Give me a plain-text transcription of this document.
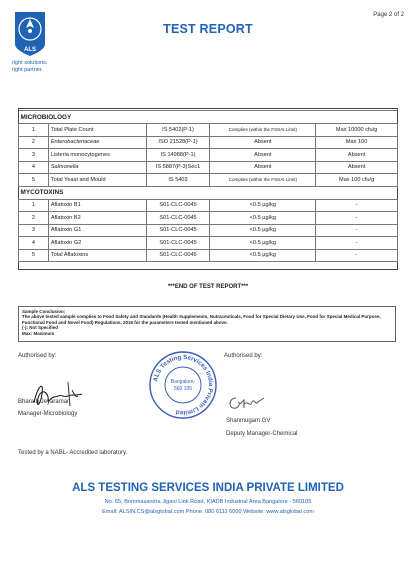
ALS
right solutions.
right partner.
TEST REPORT
Page 2 of 2
MICROBIOLOGY				
1	Total Plate Count	IS 5402(P-1)	Complies (within the FSSAI Limit)	Max 10000 cfu/g
2	Enterobacteriaceae	ISO 21528(P-1)	Absent	Max 100
3	Listeria monocytogenes	IS 14988(P-1)	Absent	Absent
4	Salmonella	IS 5887(P-3)Sec1	Absent	Absent
5	Total Yeast and Mould	IS 5403	Complies (within the FSSAI Limit)	Max 100 cfu/g
MYCOTOXINS				
1	Aflatoxin B1	S01-CLC-0045	<0.5 µg/kg	-
2	Aflatoxin B2	S01-CLC-0045	<0.5 µg/kg	-
3	Aflatoxin G1	S01-CLC-0045	<0.5 µg/kg	-
4	Aflatoxin G2	S01-CLC-0045	<0.5 µg/kg	-
5	Total Aflatoxins	S01-CLC-0045	<0.5 µg/kg	-
***END OF TEST REPORT***
Sample Conclusion:
The above tested sample complies to Food Safety and Standards (Health Supplements, Nutraceuticals, Food for Special Dietary Use, Food for Special Medical Purpose, Functional Food and Novel Food) Regulations, 2016 for the parameters tested mentioned above.
(-): Not Specified
Max: Maximum
Authorised by:
Bharath Jeyaraman
Manager-Microbiology
ALS Testing Services India Private Limited
Bangalore-
560 105
Authorised by:
Shanmugam GV
Deputy Manager-Chemical
Tested by a NABL- Accredited laboratory.
ALS TESTING SERVICES INDIA PRIVATE LIMITED
No. 65, Bommasandra Jigani Link Road, KIADB Industrial Area Bangalore - 560105
Email: ALSIN.CS@alsglobal.com Phone: 080 6111 6000 Website: www.alsglobal.com
